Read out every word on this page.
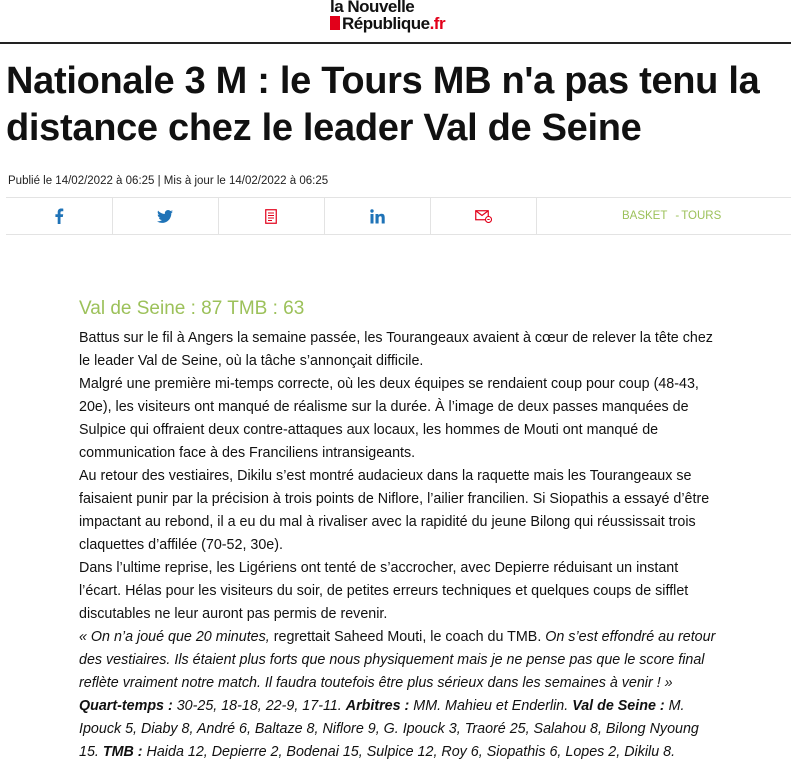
la Nouvelle
République.fr
Nationale 3 M : le Tours MB n'a pas tenu la distance chez le leader Val de Seine
Publié le 14/02/2022 à 06:25 | Mis à jour le 14/02/2022 à 06:25
BASKET - TOURS
Val de Seine : 87 TMB : 63

Battus sur le fil à Angers la semaine passée, les Tourangeaux avaient à cœur de relever la tête chez le leader Val de Seine, où la tâche s’annonçait difficile.

Malgré une première mi-temps correcte, où les deux équipes se rendaient coup pour coup (48-43, 20e), les visiteurs ont manqué de réalisme sur la durée. À l’image de deux passes manquées de Sulpice qui offraient deux contre-attaques aux locaux, les hommes de Mouti ont manqué de communication face à des Franciliens intransigeants.

Au retour des vestiaires, Dikilu s’est montré audacieux dans la raquette mais les Tourangeaux se faisaient punir par la précision à trois points de Niflore, l’ailier francilien. Si Siopathis a essayé d’être impactant au rebond, il a eu du mal à rivaliser avec la rapidité du jeune Bilong qui réussissait trois claquettes d’affilée (70-52, 30e).

Dans l’ultime reprise, les Ligériens ont tenté de s’accrocher, avec Depierre réduisant un instant l’écart. Hélas pour les visiteurs du soir, de petites erreurs techniques et quelques coups de sifflet discutables ne leur auront pas permis de revenir.

« On n’a joué que 20 minutes, regrettait Saheed Mouti, le coach du TMB. On s’est effondré au retour des vestiaires. Ils étaient plus forts que nous physiquement mais je ne pense pas que le score final reflète vraiment notre match. Il faudra toutefois être plus sérieux dans les semaines à venir ! »

Quart-temps : 30-25, 18-18, 22-9, 17-11. Arbitres : MM. Mahieu et Enderlin. Val de Seine : M. Ipouck 5, Diaby 8, André 6, Baltaze 8, Niflore 9, G. Ipouck 3, Traoré 25, Salahou 8, Bilong Nyoung 15. TMB : Haida 12, Depierre 2, Bodenai 15, Sulpice 12, Roy 6, Siopathis 6, Lopes 2, Dikilu 8.
